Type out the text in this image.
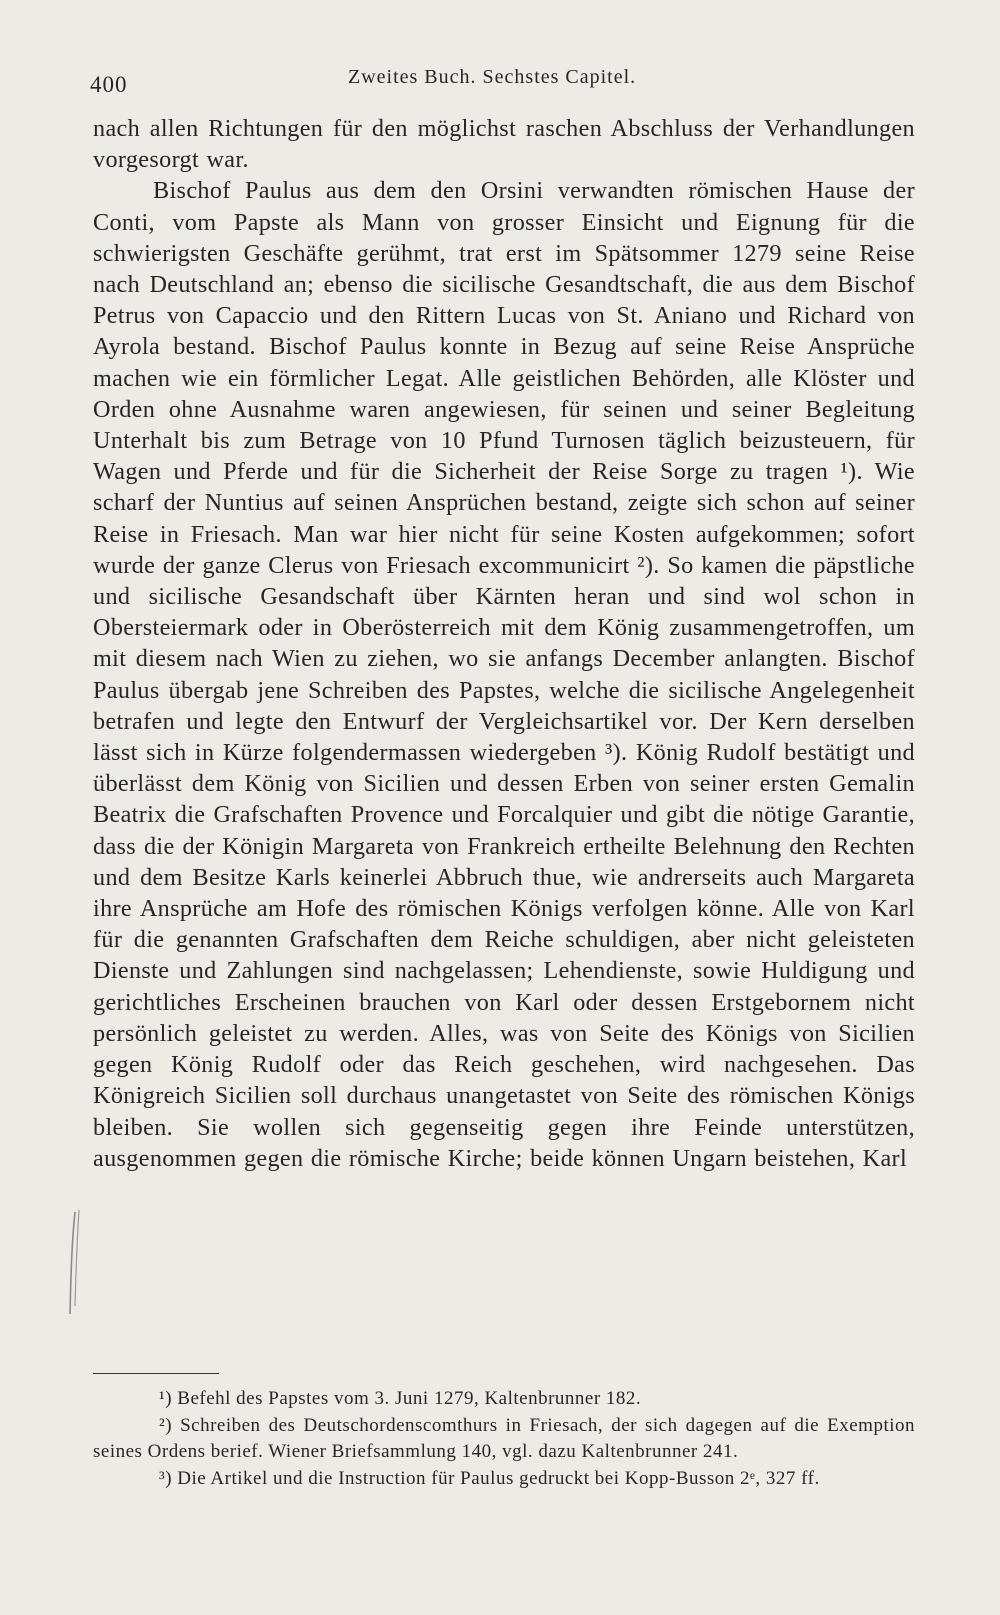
400	Zweites Buch. Sechstes Capitel.

nach allen Richtungen für den möglichst raschen Abschluss der Verhandlungen vorgesorgt war.

Bischof Paulus aus dem den Orsini verwandten römischen Hause der Conti, vom Papste als Mann von grosser Einsicht und Eignung für die schwierigsten Geschäfte gerühmt, trat erst im Spätsommer 1279 seine Reise nach Deutschland an; ebenso die sicilische Gesandtschaft, die aus dem Bischof Petrus von Capaccio und den Rittern Lucas von St. Aniano und Richard von Ayrola bestand. Bischof Paulus konnte in Bezug auf seine Reise Ansprüche machen wie ein förmlicher Legat. Alle geistlichen Behörden, alle Klöster und Orden ohne Ausnahme waren angewiesen, für seinen und seiner Begleitung Unterhalt bis zum Betrage von 10 Pfund Turnosen täglich beizusteuern, für Wagen und Pferde und für die Sicherheit der Reise Sorge zu tragen ¹). Wie scharf der Nuntius auf seinen Ansprüchen bestand, zeigte sich schon auf seiner Reise in Friesach. Man war hier nicht für seine Kosten aufgekommen; sofort wurde der ganze Clerus von Friesach excommunicirt ²). So kamen die päpstliche und sicilische Gesandschaft über Kärnten heran und sind wol schon in Obersteiermark oder in Oberösterreich mit dem König zusammengetroffen, um mit diesem nach Wien zu ziehen, wo sie anfangs December anlangten. Bischof Paulus übergab jene Schreiben des Papstes, welche die sicilische Angelegenheit betrafen und legte den Entwurf der Vergleichsartikel vor. Der Kern derselben lässt sich in Kürze folgendermassen wiedergeben ³). König Rudolf bestätigt und überlässt dem König von Sicilien und dessen Erben von seiner ersten Gemalin Beatrix die Grafschaften Provence und Forcalquier und gibt die nötige Garantie, dass die der Königin Margareta von Frankreich ertheilte Belehnung den Rechten und dem Besitze Karls keinerlei Abbruch thue, wie andrerseits auch Margareta ihre Ansprüche am Hofe des römischen Königs verfolgen könne. Alle von Karl für die genannten Grafschaften dem Reiche schuldigen, aber nicht geleisteten Dienste und Zahlungen sind nachgelassen; Lehendienste, sowie Huldigung und gerichtliches Erscheinen brauchen von Karl oder dessen Erstgebornem nicht persönlich geleistet zu werden. Alles, was von Seite des Königs von Sicilien gegen König Rudolf oder das Reich geschehen, wird nachgesehen. Das Königreich Sicilien soll durchaus unangetastet von Seite des römischen Königs bleiben. Sie wollen sich gegenseitig gegen ihre Feinde unterstützen, ausgenommen gegen die römische Kirche; beide können Ungarn beistehen, Karl

¹) Befehl des Papstes vom 3. Juni 1279, Kaltenbrunner 182.

²) Schreiben des Deutschordenscomthurs in Friesach, der sich dagegen auf die Exemption seines Ordens berief. Wiener Briefsammlung 140, vgl. dazu Kaltenbrunner 241.

³) Die Artikel und die Instruction für Paulus gedruckt bei Kopp-Busson 2ᵉ, 327 ff.
